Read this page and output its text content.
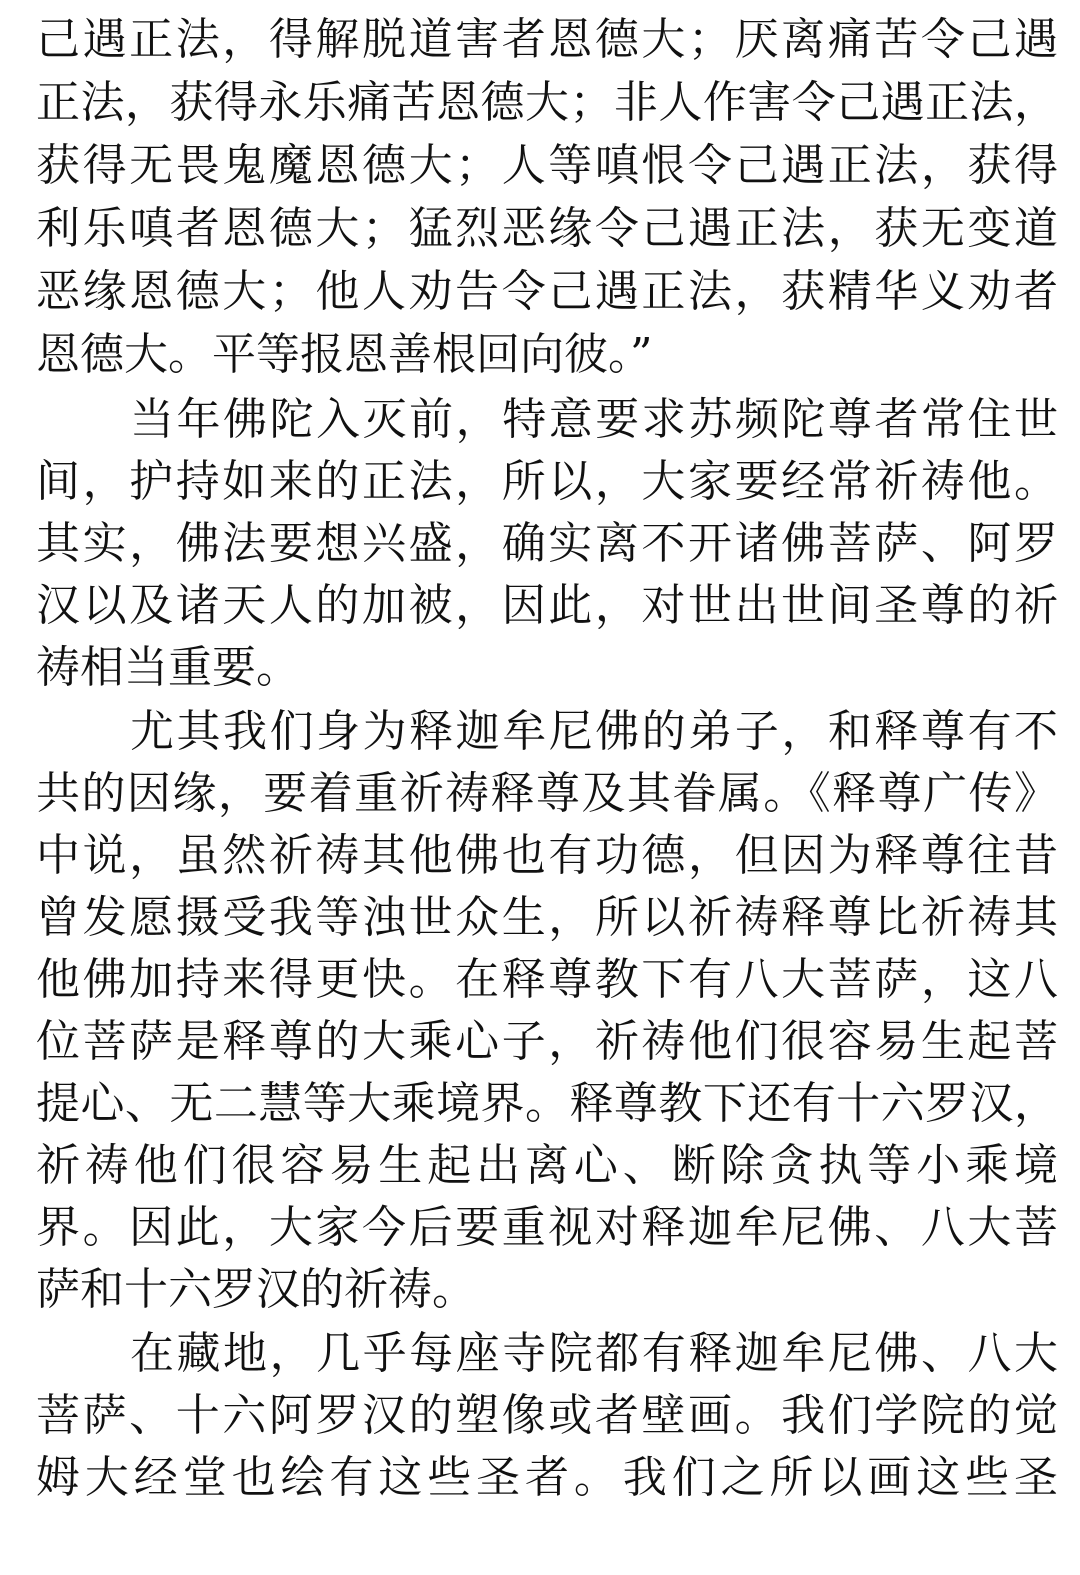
己遇正法，得解脱道害者恩德大；厌离痛苦令己遇
正法，获得永乐痛苦恩德大；非人作害令己遇正法，
获得无畏鬼魔恩德大；人等嗔恨令己遇正法，获得
利乐嗔者恩德大；猛烈恶缘令己遇正法，获无变道
恶缘恩德大；他人劝告令己遇正法，获精华义劝者
恩德大。平等报恩善根回向彼。”
当年佛陀入灭前，特意要求苏频陀尊者常住世
间，护持如来的正法，所以，大家要经常祈祷他。
其实，佛法要想兴盛，确实离不开诸佛菩萨、阿罗
汉以及诸天人的加被，因此，对世出世间圣尊的祈
祷相当重要。
尤其我们身为释迦牟尼佛的弟子，和释尊有不
共的因缘，要着重祈祷释尊及其眷属。《释尊广传》
中说，虽然祈祷其他佛也有功德，但因为释尊往昔
曾发愿摄受我等浊世众生，所以祈祷释尊比祈祷其
他佛加持来得更快。在释尊教下有八大菩萨，这八
位菩萨是释尊的大乘心子，祈祷他们很容易生起菩
提心、无二慧等大乘境界。释尊教下还有十六罗汉，
祈祷他们很容易生起出离心、断除贪执等小乘境
界。因此，大家今后要重视对释迦牟尼佛、八大菩
萨和十六罗汉的祈祷。
在藏地，几乎每座寺院都有释迦牟尼佛、八大
菩萨、十六阿罗汉的塑像或者壁画。我们学院的觉
姆大经堂也绘有这些圣者。我们之所以画这些圣
